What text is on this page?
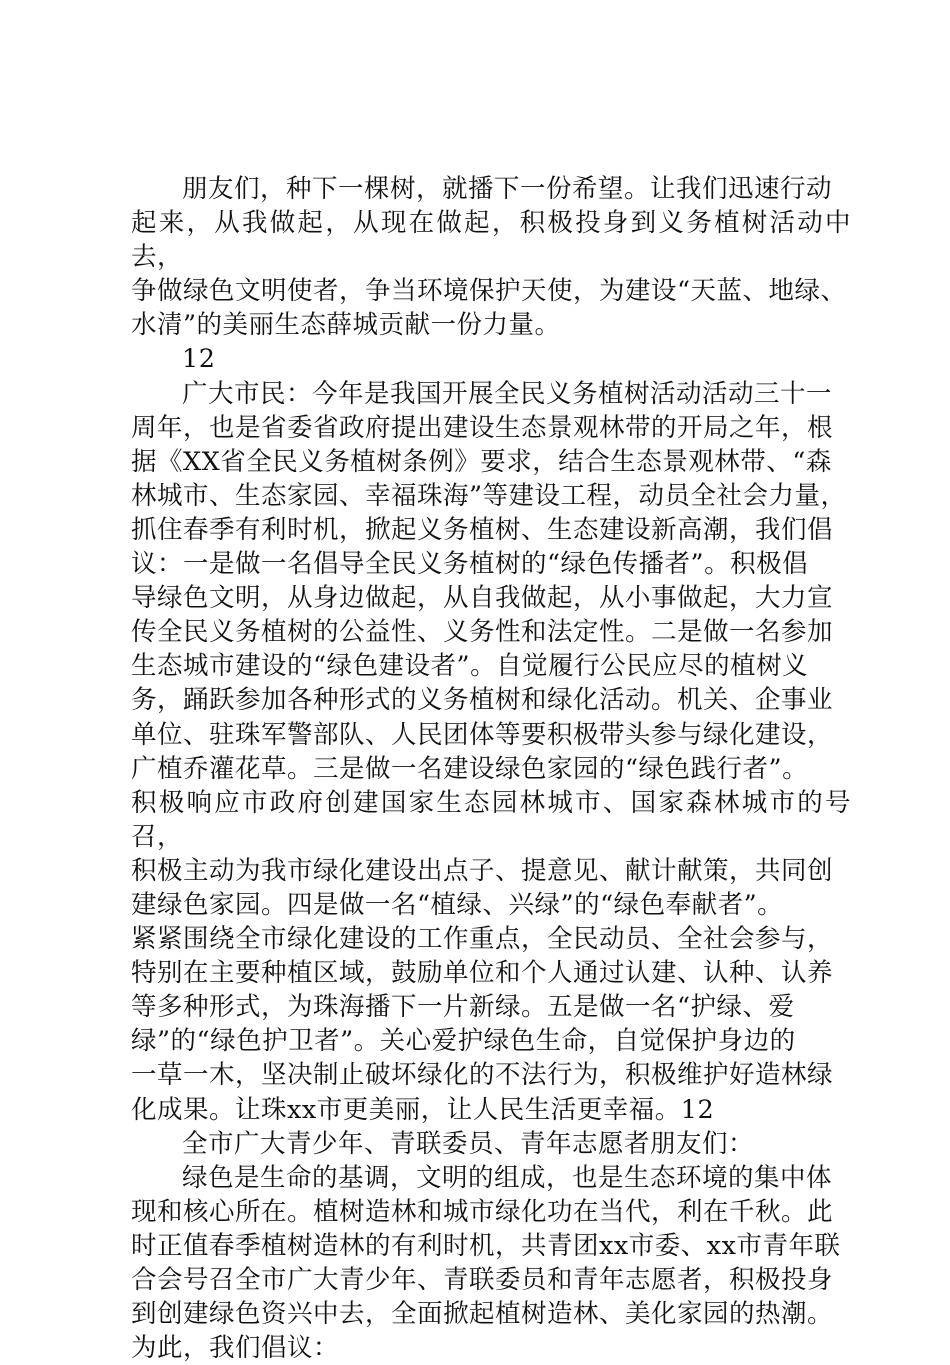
朋友们，种下一棵树，就播下一份希望。让我们迅速行动
起来，从我做起，从现在做起，积极投身到义务植树活动中去，
争做绿色文明使者，争当环境保护天使，为建设“天蓝、地绿、
水清”的美丽生态薛城贡献一份力量。

12

广大市民：今年是我国开展全民义务植树活动活动三十一
周年，也是省委省政府提出建设生态景观林带的开局之年，根
据《XX省全民义务植树条例》要求，结合生态景观林带、“森
林城市、生态家园、幸福珠海”等建设工程，动员全社会力量，
抓住春季有利时机，掀起义务植树、生态建设新高潮，我们倡
议：一是做一名倡导全民义务植树的“绿色传播者”。积极倡
导绿色文明，从身边做起，从自我做起，从小事做起，大力宣
传全民义务植树的公益性、义务性和法定性。二是做一名参加
生态城市建设的“绿色建设者”。自觉履行公民应尽的植树义
务，踊跃参加各种形式的义务植树和绿化活动。机关、企事业
单位、驻珠军警部队、人民团体等要积极带头参与绿化建设，
广植乔灌花草。三是做一名建设绿色家园的“绿色践行者”。
积极响应市政府创建国家生态园林城市、国家森林城市的号召，
积极主动为我市绿化建设出点子、提意见、献计献策，共同创
建绿色家园。四是做一名“植绿、兴绿”的“绿色奉献者”。
紧紧围绕全市绿化建设的工作重点，全民动员、全社会参与，
特别在主要种植区域，鼓励单位和个人通过认建、认种、认养
等多种形式，为珠海播下一片新绿。五是做一名“护绿、爱
绿”的“绿色护卫者”。关心爱护绿色生命，自觉保护身边的
一草一木，坚决制止破坏绿化的不法行为，积极维护好造林绿
化成果。让珠xx市更美丽，让人民生活更幸福。12

全市广大青少年、青联委员、青年志愿者朋友们：

绿色是生命的基调，文明的组成，也是生态环境的集中体
现和核心所在。植树造林和城市绿化功在当代，利在千秋。此
时正值春季植树造林的有利时机，共青团xx市委、xx市青年联
合会号召全市广大青少年、青联委员和青年志愿者，积极投身
到创建绿色资兴中去，全面掀起植树造林、美化家园的热潮。
为此，我们倡议：
